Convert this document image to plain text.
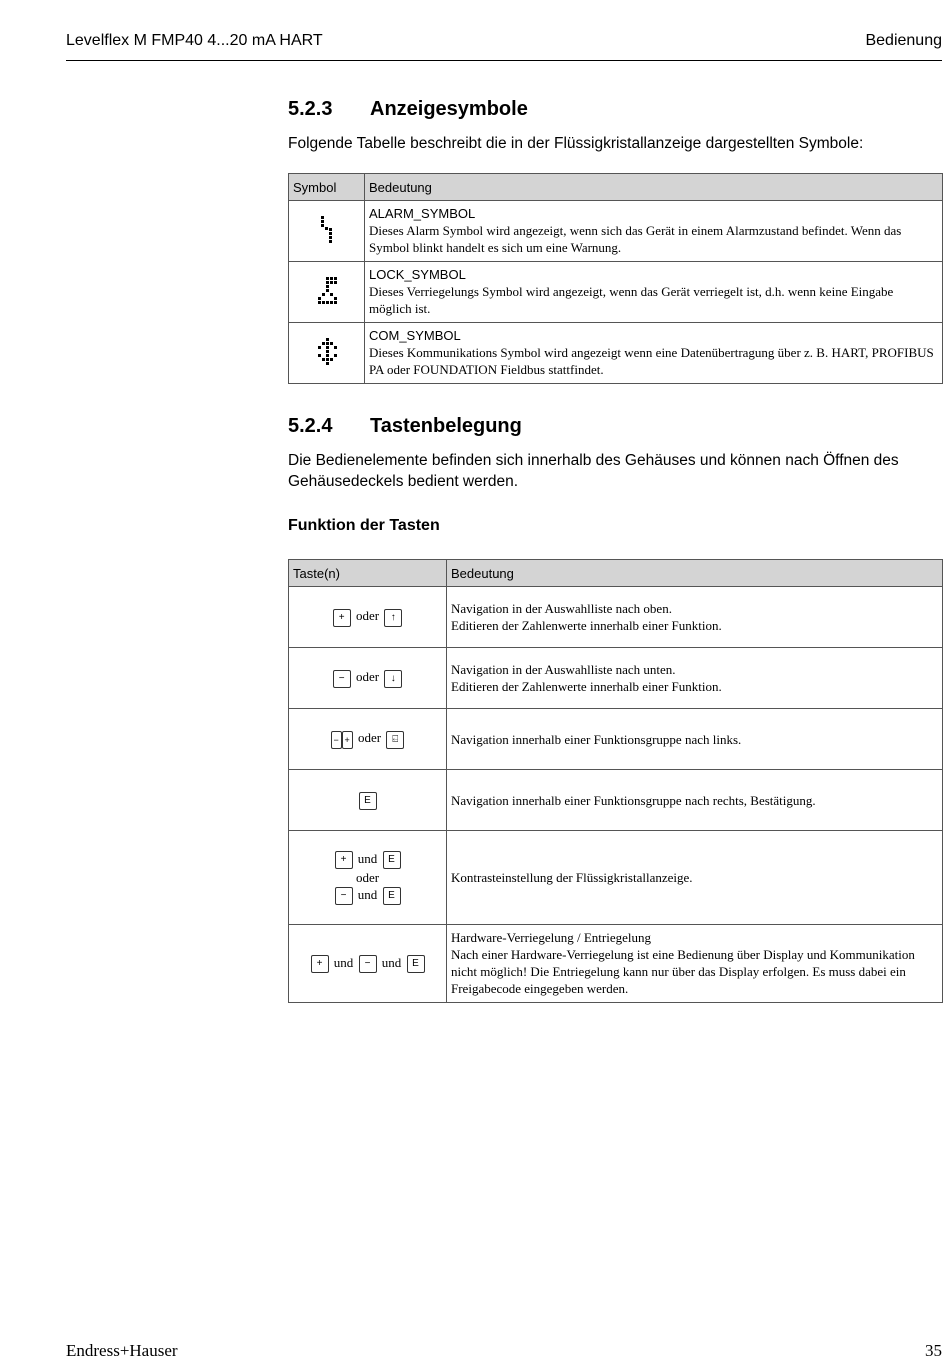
Levelflex M FMP40 4...20 mA HART	Bedienung
5.2.3 Anzeigesymbole

Folgende Tabelle beschreibt die in der Flüssigkristallanzeige dargestellten Symbole:

Symbol	Bedeutung

ALARM_SYMBOL
Dieses Alarm Symbol wird angezeigt, wenn sich das Gerät in einem Alarmzustand befindet. Wenn das Symbol blinkt handelt es sich um eine Warnung.

LOCK_SYMBOL
Dieses Verriegelungs Symbol wird angezeigt, wenn das Gerät verriegelt ist, d.h. wenn keine Eingabe möglich ist.

COM_SYMBOL
Dieses Kommunikations Symbol wird angezeigt wenn eine Datenübertragung über z. B. HART, PROFIBUS PA oder FOUNDATION Fieldbus stattfindet.
5.2.4 Tastenbelegung

Die Bedienelemente befinden sich innerhalb des Gehäuses und können nach Öffnen des Gehäusedeckels bedient werden.

Funktion der Tasten
Taste(n)	Bedeutung
+ oder ↑	Navigation in der Auswahlliste nach oben.
Editieren der Zahlenwerte innerhalb einer Funktion.

− oder ↓	Navigation in der Auswahlliste nach unten.
Editieren der Zahlenwerte innerhalb einer Funktion.

− + oder ⍇	Navigation innerhalb einer Funktionsgruppe nach links.

E	Navigation innerhalb einer Funktionsgruppe nach rechts, Bestätigung.

+ und E
oder
− und E	Kontrasteinstellung der Flüssigkristallanzeige.

+ und − und E	Hardware-Verriegelung / Entriegelung
Nach einer Hardware-Verriegelung ist eine Bedienung über Display und Kommunikation nicht möglich! Die Entriegelung kann nur über das Display erfolgen. Es muss dabei ein Freigabecode eingegeben werden.
Endress+Hauser	35
